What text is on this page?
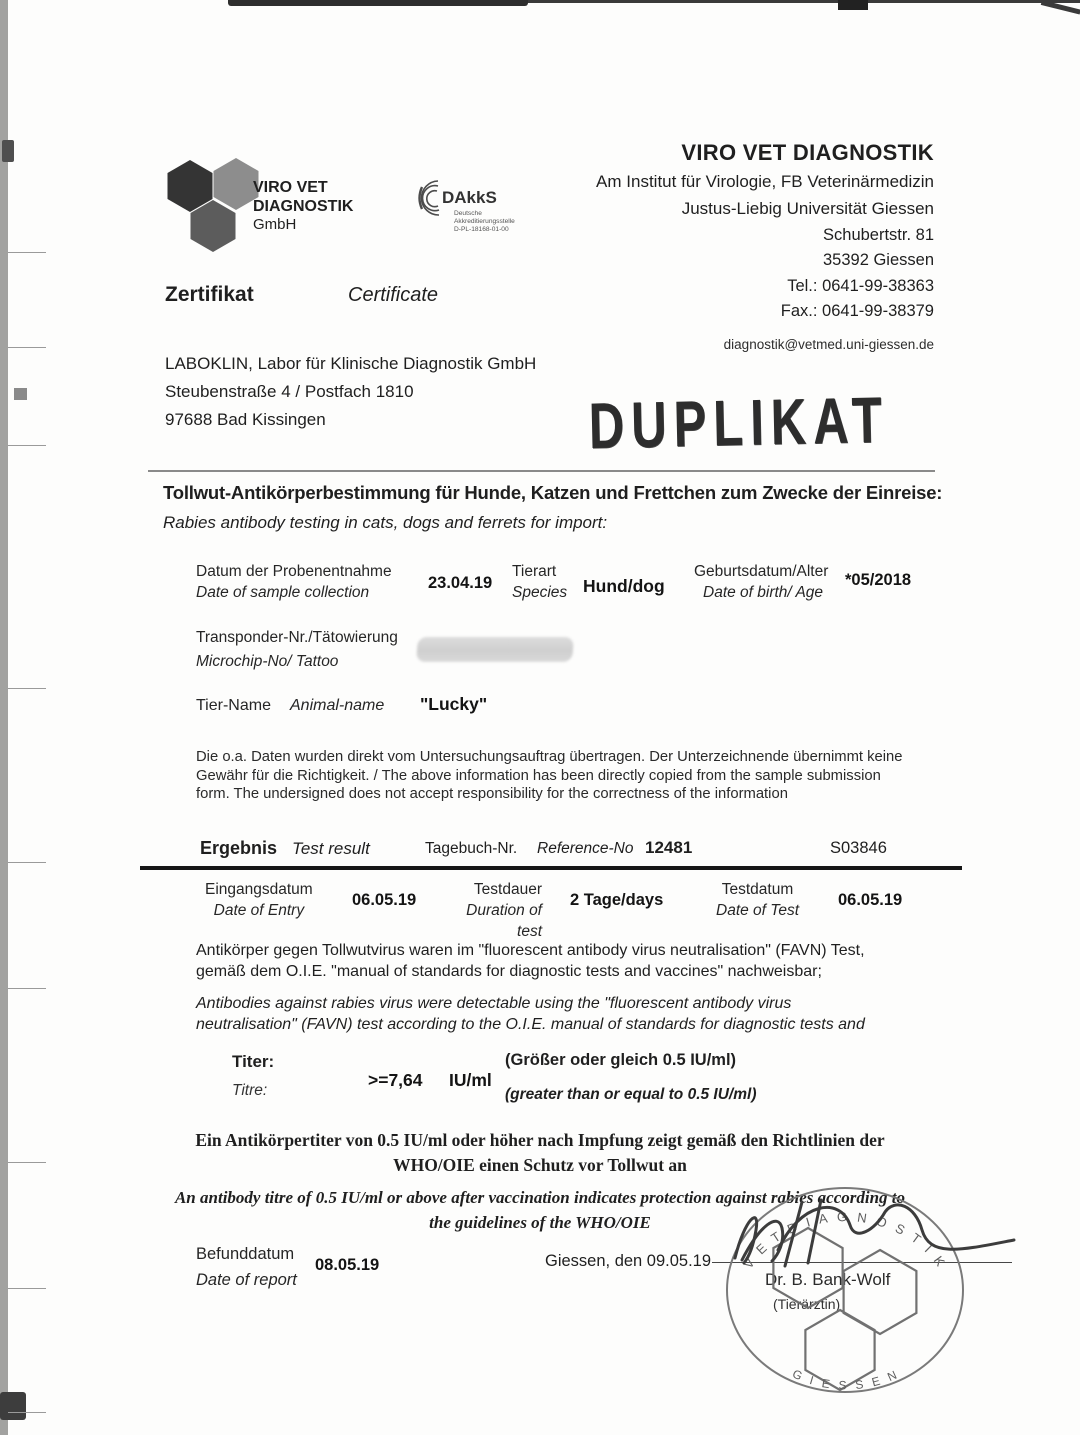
VIRO VET
DIAGNOSTIK
GmbH
DAkkS
Deutsche
Akkreditierungsstelle
D-PL-18168-01-00
VIRO VET DIAGNOSTIK
Am Institut für Virologie, FB Veterinärmedizin
Justus-Liebig Universität Giessen
Schubertstr. 81
35392 Giessen
Tel.: 0641-99-38363
Fax.: 0641-99-38379
diagnostik@vetmed.uni-giessen.de
Zertifikat	Certificate
LABOKLIN, Labor für Klinische Diagnostik GmbH
Steubenstraße 4 / Postfach 1810
97688 Bad Kissingen	DUPLIKAT
Tollwut-Antikörperbestimmung für Hunde, Katzen und Frettchen zum Zwecke der Einreise:
Rabies antibody testing in cats, dogs and ferrets for import:
Datum der Probenentnahme
Date of sample collection
23.04.19
Tierart
Species Hund/dog
Geburtsdatum/Alter
Date of birth/ Age
*05/2018
Transponder-Nr./Tätowierung
Microchip-No/ Tattoo
Tier-Name Animal-name "Lucky"
Die o.a. Daten wurden direkt vom Untersuchungsauftrag übertragen. Der Unterzeichnende übernimmt keine
Gewähr für die Richtigkeit. / The above information has been directly copied from the sample submission
form. The undersigned does not accept responsibility for the correctness of the information
Ergebnis Test result	Tagebuch-Nr. Reference-No 12481	S03846
Eingangsdatum
Date of Entry
06.05.19
Testdauer
Duration of test
2 Tage/days
Testdatum
Date of Test
06.05.19
Antikörper gegen Tollwutvirus waren im "fluorescent antibody virus neutralisation" (FAVN) Test,
gemäß dem O.I.E. "manual of standards for diagnostic tests and vaccines" nachweisbar;
Antibodies against rabies virus were detectable using the "fluorescent antibody virus
neutralisation" (FAVN) test according to the O.I.E. manual of standards for diagnostic tests and
Titer:
Titre:
>=7,64 IU/ml
(Größer oder gleich 0.5 IU/ml)
(greater than or equal to 0.5 IU/ml)
Ein Antikörpertiter von 0.5 IU/ml oder höher nach Impfung zeigt gemäß den Richtlinien der
WHO/OIE einen Schutz vor Tollwut an
An antibody titre of 0.5 IU/ml or above after vaccination indicates protection against rabies according to
the guidelines of the WHO/OIE
Befunddatum
Date of report
08.05.19	Giessen, den 09.05.19
Dr. B. Bank-Wolf
(Tierärztin)
V E T D I A G N O S T I K
G I E S S E N
